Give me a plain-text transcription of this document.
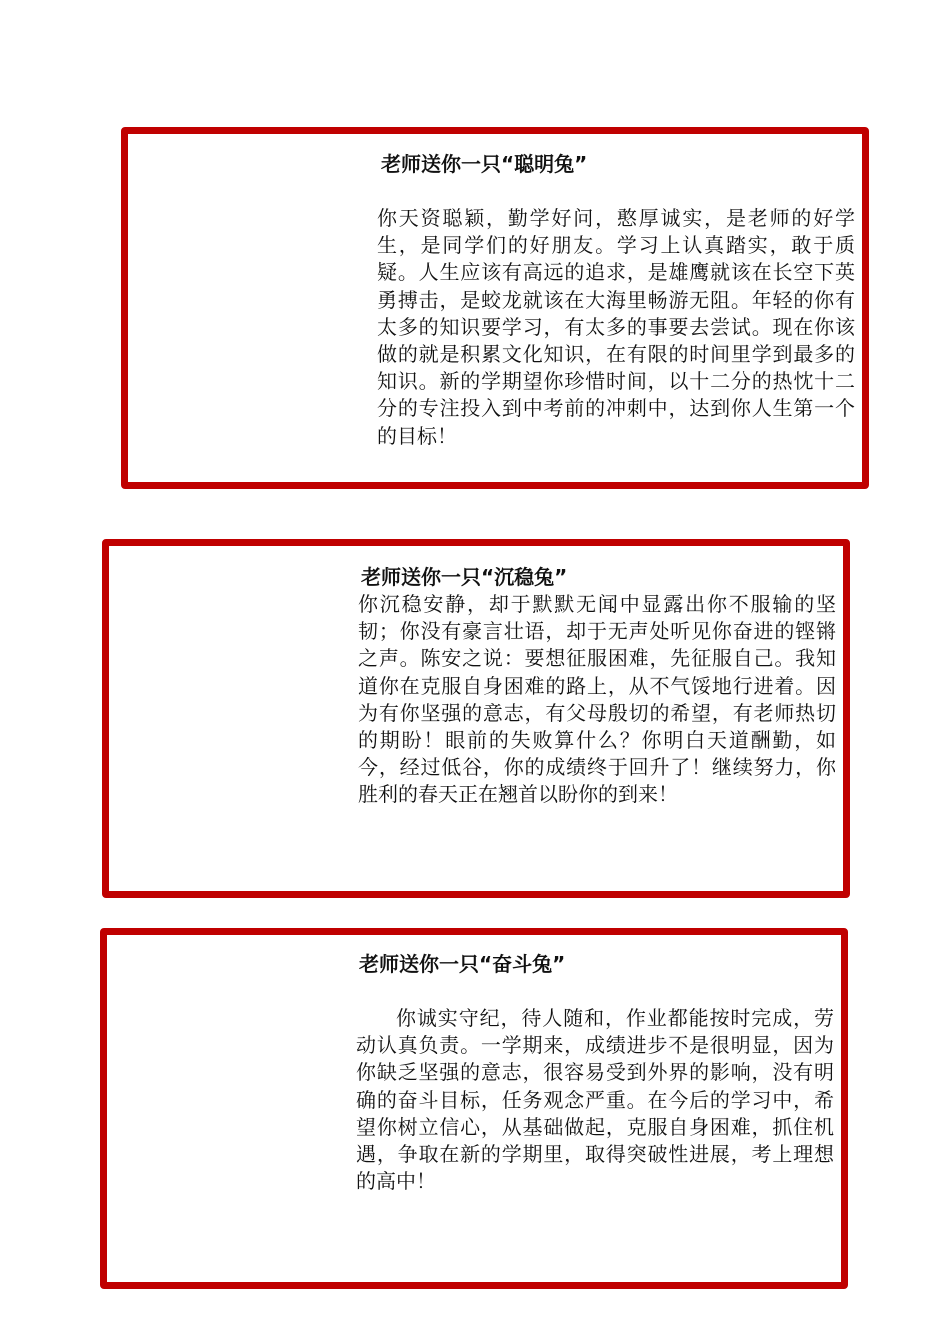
老师送你一只“聪明兔”
你天资聪颖，勤学好问，憨厚诚实，是老师的好学生，是同学们的好朋友。学习上认真踏实，敢于质疑。人生应该有高远的追求，是雄鹰就该在长空下英勇搏击，是蛟龙就该在大海里畅游无阻。年轻的你有太多的知识要学习，有太多的事要去尝试。现在你该做的就是积累文化知识，在有限的时间里学到最多的知识。新的学期望你珍惜时间，以十二分的热忱十二分的专注投入到中考前的冲刺中，达到你人生第一个的目标！
老师送你一只“沉稳兔”
你沉稳安静，却于默默无闻中显露出你不服输的坚韧；你没有豪言壮语，却于无声处听见你奋进的铿锵之声。陈安之说：要想征服困难，先征服自己。我知道你在克服自身困难的路上，从不气馁地行进着。因为有你坚强的意志，有父母殷切的希望，有老师热切的期盼！眼前的失败算什么？你明白天道酬勤，如今，经过低谷，你的成绩终于回升了！继续努力，你胜利的春天正在翘首以盼你的到来！
老师送你一只“奋斗兔”
你诚实守纪，待人随和，作业都能按时完成，劳动认真负责。一学期来，成绩进步不是很明显，因为你缺乏坚强的意志，很容易受到外界的影响，没有明确的奋斗目标，任务观念严重。在今后的学习中，希望你树立信心，从基础做起，克服自身困难，抓住机遇，争取在新的学期里，取得突破性进展，考上理想的高中！
